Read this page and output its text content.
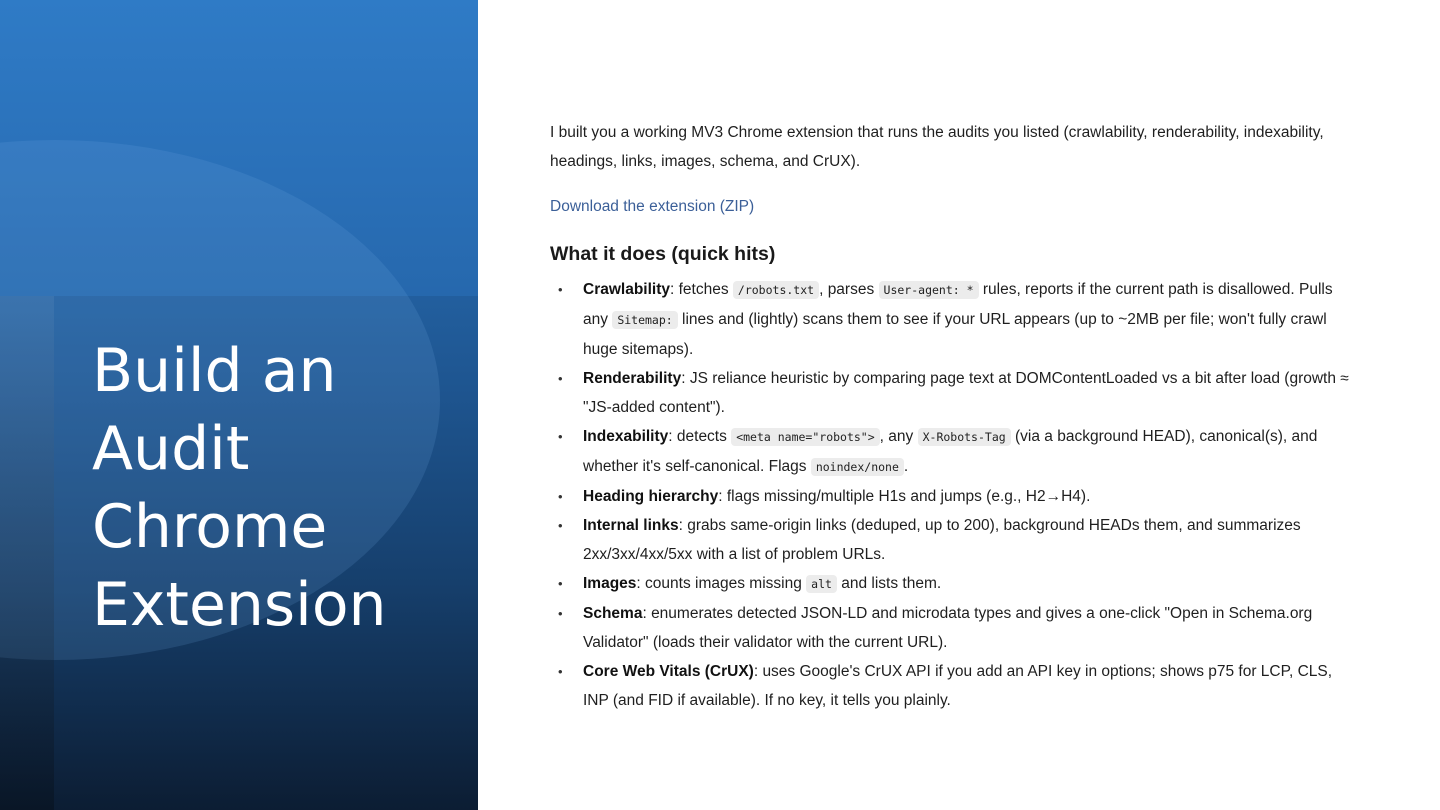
Build an Audit Chrome Extension

I built you a working MV3 Chrome extension that runs the audits you listed (crawlability, renderability, indexability, headings, links, images, schema, and CrUX).

Download the extension (ZIP)
What it does (quick hits)
• Crawlability: fetches /robots.txt , parses User-agent: * rules, reports if the current path is disallowed. Pulls any Sitemap: lines and (lightly) scans them to see if your URL appears (up to ~2MB per file; won't fully crawl huge sitemaps).
• Renderability: JS reliance heuristic by comparing page text at DOMContentLoaded vs a bit after load (growth ≈ "JS-added content").
• Indexability: detects <meta name="robots"> , any X-Robots-Tag (via a background HEAD), canonical(s), and whether it's self-canonical. Flags noindex/none .
• Heading hierarchy: flags missing/multiple H1s and jumps (e.g., H2→H4).
• Internal links: grabs same-origin links (deduped, up to 200), background HEADs them, and summarizes 2xx/3xx/4xx/5xx with a list of problem URLs.
• Images: counts images missing alt and lists them.
• Schema: enumerates detected JSON-LD and microdata types and gives a one-click "Open in Schema.org Validator" (loads their validator with the current URL).
• Core Web Vitals (CrUX): uses Google's CrUX API if you add an API key in options; shows p75 for LCP, CLS, INP (and FID if available). If no key, it tells you plainly.
